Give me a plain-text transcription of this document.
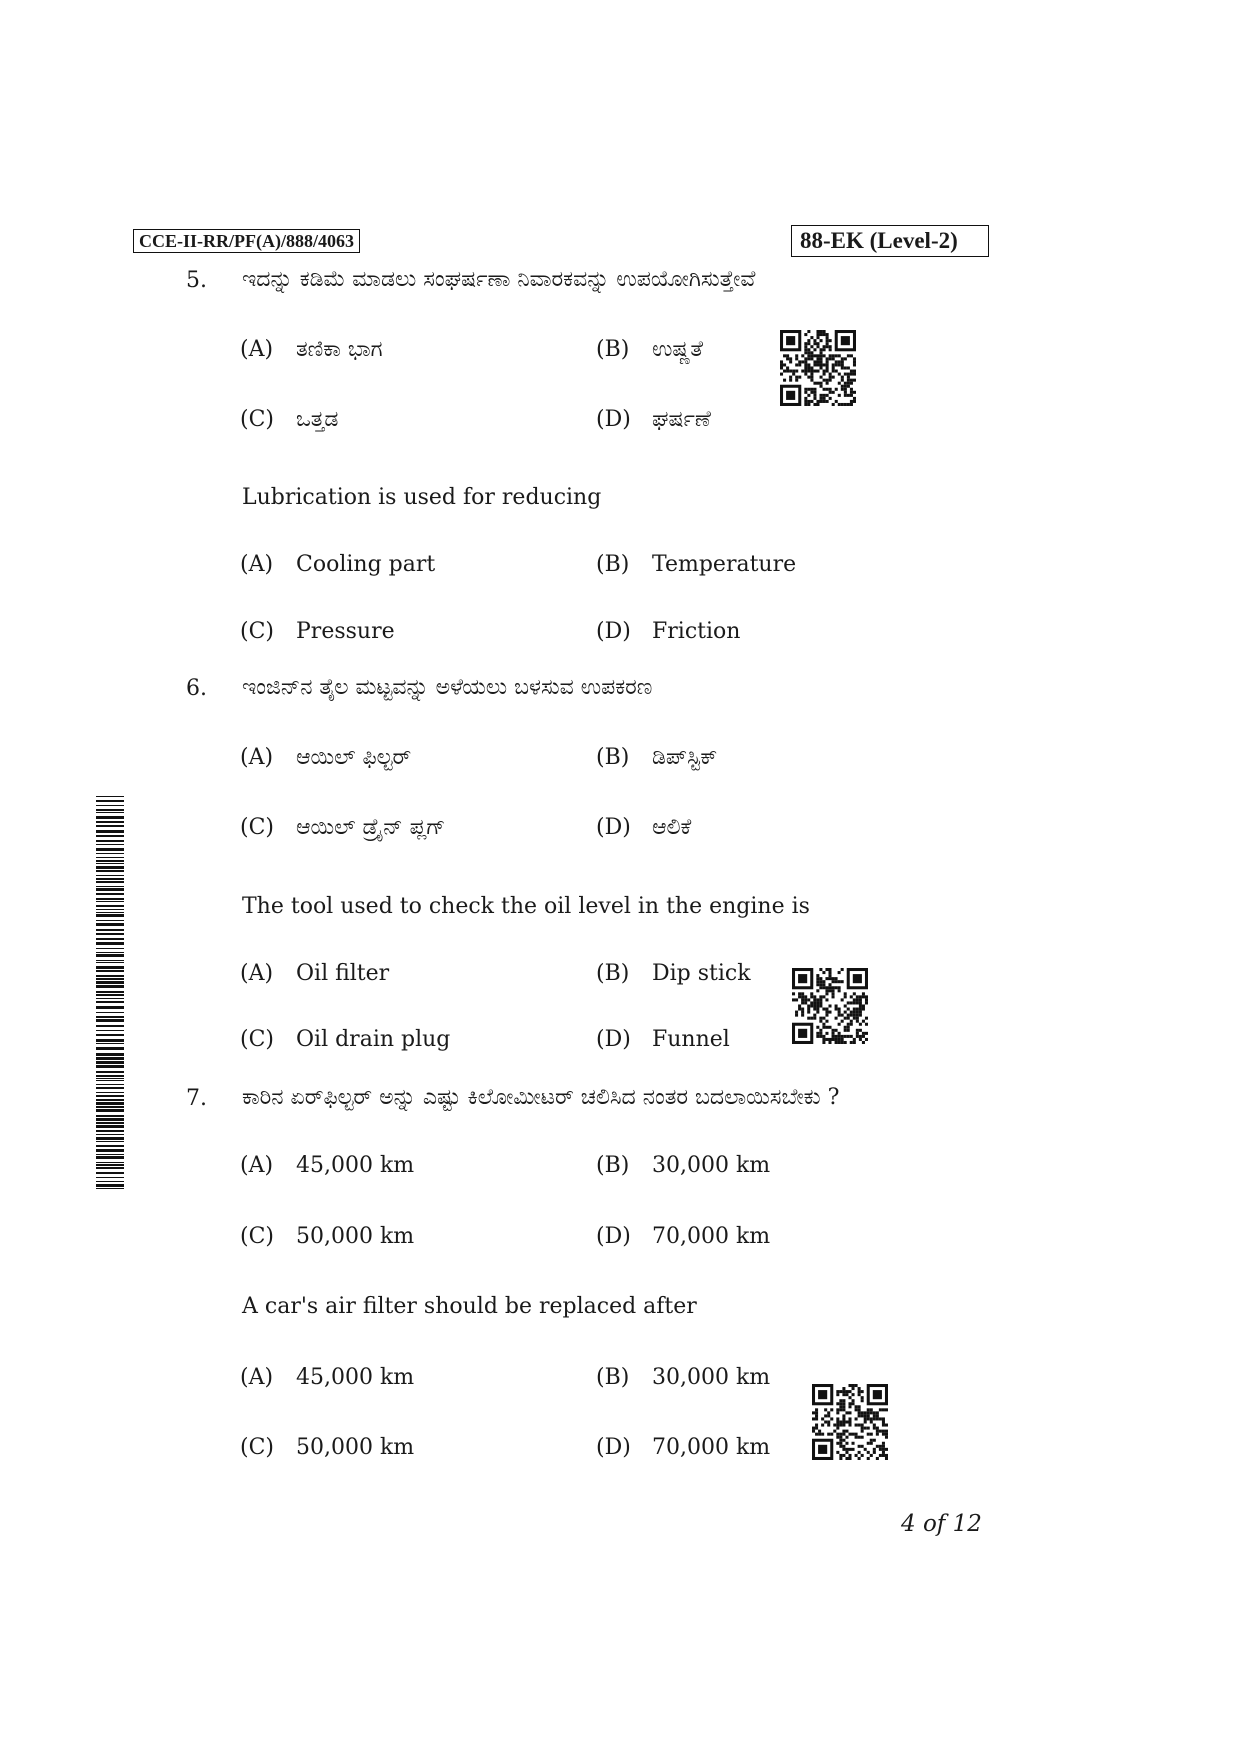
CCE-II-RR/PF(A)/888/4063	88-EK (Level-2)
5. ಇದನ್ನು ಕಡಿಮೆ ಮಾಡಲು ಸಂಘರ್ಷಣಾ ನಿವಾರಕವನ್ನು ಉಪಯೋಗಿಸುತ್ತೇವೆ
(A) ತಣಿಕಾ ಭಾಗ	(B) ಉಷ್ಣತೆ
(C) ಒತ್ತಡ	(D) ಘರ್ಷಣೆ
Lubrication is used for reducing
(A) Cooling part	(B) Temperature
(C) Pressure	(D) Friction
6. ಇಂಜಿನ್‌ನ ತೈಲ ಮಟ್ಟವನ್ನು ಅಳೆಯಲು ಬಳಸುವ ಉಪಕರಣ
(A) ಆಯಿಲ್ ಫಿಲ್ಟರ್	(B) ಡಿಪ್‌ಸ್ಟಿಕ್
(C) ಆಯಿಲ್ ಡ್ರೈನ್ ಪ್ಲಗ್	(D) ಆಲಿಕೆ
The tool used to check the oil level in the engine is
(A) Oil filter	(B) Dip stick
(C) Oil drain plug	(D) Funnel
7. ಕಾರಿನ ಏರ್‌ಫಿಲ್ಟರ್ ಅನ್ನು ಎಷ್ಟು ಕಿಲೋಮೀಟರ್ ಚಲಿಸಿದ ನಂತರ ಬದಲಾಯಿಸಬೇಕು ?
(A) 45,000 km	(B) 30,000 km
(C) 50,000 km	(D) 70,000 km
A car's air filter should be replaced after
(A) 45,000 km	(B) 30,000 km
(C) 50,000 km	(D) 70,000 km
4 of 12
